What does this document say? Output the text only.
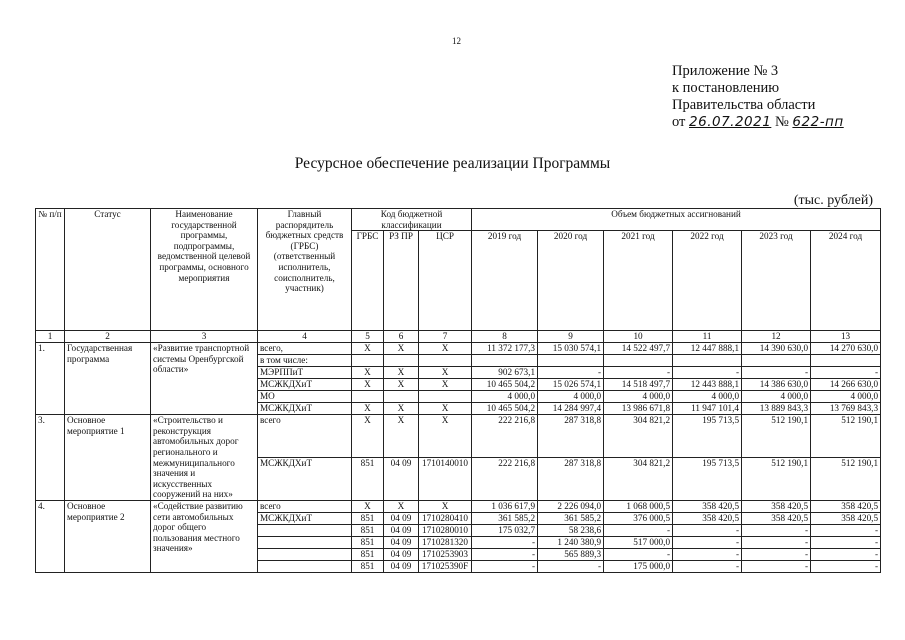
12
Приложение № 3
к постановлению
Правительства области
от 26.07.2021 № 622-пп
Ресурсное обеспечение реализации Программы
(тыс. рублей)
№ п/п	Статус	Наименование государственной программы, подпрограммы, ведомственной целевой программы, основного мероприятия	Главный распорядитель бюджетных средств (ГРБС) (ответственный исполнитель, соисполнитель, участник)	Код бюджетной классификации			Объем бюджетных ассигнований					
				ГРБС	РЗ ПР	ЦСР	2019 год	2020 год	2021 год	2022 год	2023 год	2024 год
1	2	3	4	5	6	7	8	9	10	11	12	13
1.	Государственная программа	«Развитие транспортной системы Оренбургской области»	всего,	Х	Х	Х	11 372 177,3	15 030 574,1	14 522 497,7	12 447 888,1	14 390 630,0	14 270 630,0
			в том числе:									
			МЭРППиТ	Х	Х	Х	902 673,1	-	-	-	-	-
			МСЖКДХиТ	Х	Х	Х	10 465 504,2	15 026 574,1	14 518 497,7	12 443 888,1	14 386 630,0	14 266 630,0
			МО				4 000,0	4 000,0	4 000,0	4 000,0	4 000,0	4 000,0
			МСЖКДХиТ	Х	Х	Х	10 465 504,2	14 284 997,4	13 986 671,8	11 947 101,4	13 889 843,3	13 769 843,3
3.	Основное мероприятие 1	«Строительство и реконструкция автомобильных дорог регионального и межмуниципального значения и искусственных сооружений на них»	всего	Х	Х	Х	222 216,8	287 318,8	304 821,2	195 713,5	512 190,1	512 190,1
			МСЖКДХиТ	851	04 09	1710140010	222 216,8	287 318,8	304 821,2	195 713,5	512 190,1	512 190,1
4.	Основное мероприятие 2	«Содействие развитию сети автомобильных дорог общего пользования местного значения»	всего	Х	Х	Х	1 036 617,9	2 226 094,0	1 068 000,5	358 420,5	358 420,5	358 420,5
			МСЖКДХиТ	851	04 09	1710280410	361 585,2	361 585,2	376 000,5	358 420,5	358 420,5	358 420,5
				851	04 09	1710280010	175 032,7	58 238,6	-	-	-	-
				851	04 09	1710281320	-	1 240 380,9	517 000,0	-	-	-
				851	04 09	1710253903	-	565 889,3	-	-	-	-
				851	04 09	171025390F	-	-	175 000,0	-	-	-
